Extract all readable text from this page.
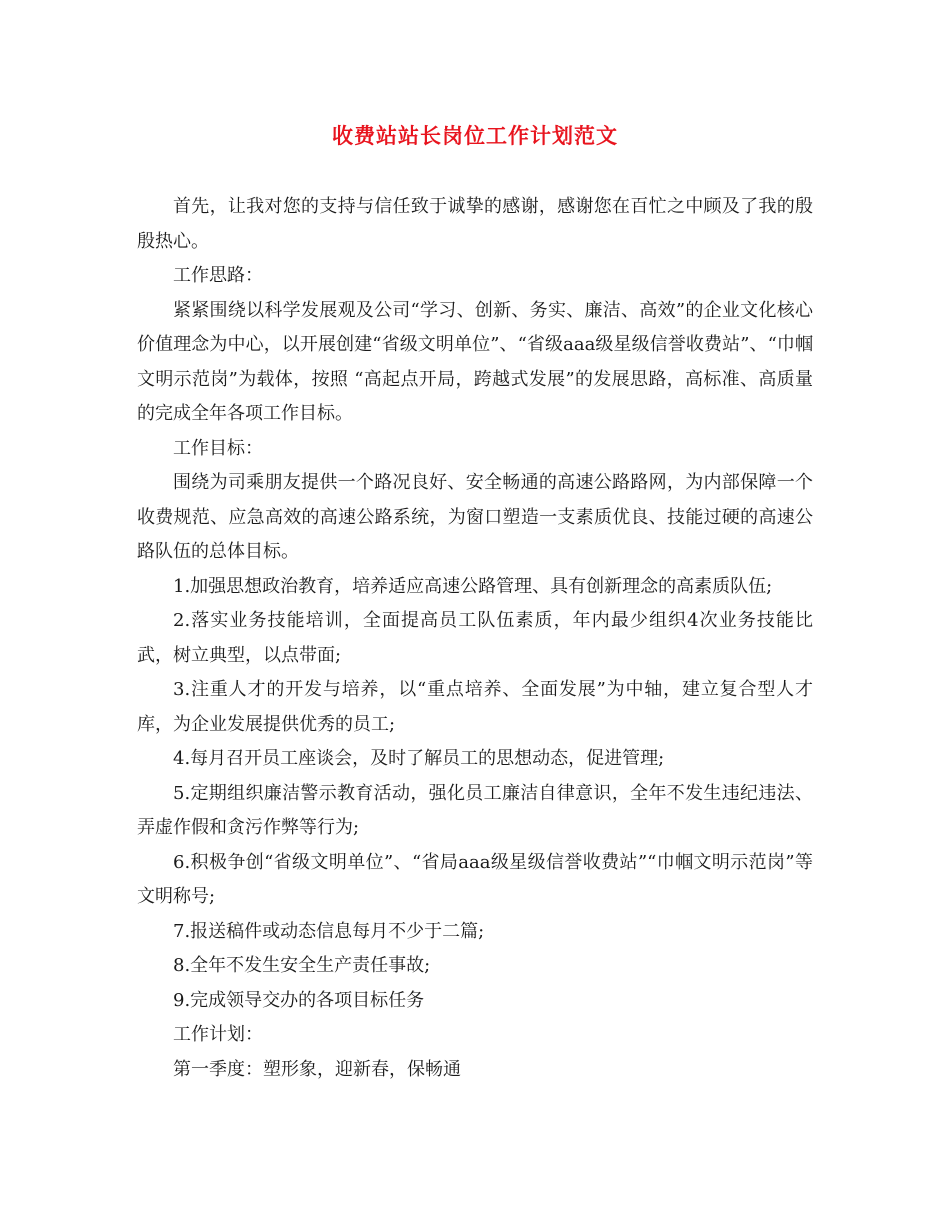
收费站站长岗位工作计划范文

首先，让我对您的支持与信任致于诚挚的感谢，感谢您在百忙之中顾及了我的殷殷热心。

工作思路：

紧紧围绕以科学发展观及公司“学习、创新、务实、廉洁、高效”的企业文化核心价值理念为中心，以开展创建“省级文明单位”、“省级aaa级星级信誉收费站”、“巾帼文明示范岗”为载体，按照 “高起点开局，跨越式发展”的发展思路，高标准、高质量的完成全年各项工作目标。

工作目标：

围绕为司乘朋友提供一个路况良好、安全畅通的高速公路路网，为内部保障一个收费规范、应急高效的高速公路系统，为窗口塑造一支素质优良、技能过硬的高速公路队伍的总体目标。

1.加强思想政治教育，培养适应高速公路管理、具有创新理念的高素质队伍;

2.落实业务技能培训，全面提高员工队伍素质，年内最少组织4次业务技能比武，树立典型，以点带面;

3.注重人才的开发与培养，以“重点培养、全面发展”为中轴，建立复合型人才库，为企业发展提供优秀的员工;

4.每月召开员工座谈会，及时了解员工的思想动态，促进管理;

5.定期组织廉洁警示教育活动，强化员工廉洁自律意识，全年不发生违纪违法、弄虚作假和贪污作弊等行为;

6.积极争创“省级文明单位”、“省局aaa级星级信誉收费站”“巾帼文明示范岗”等文明称号;

7.报送稿件或动态信息每月不少于二篇;

8.全年不发生安全生产责任事故;

9.完成领导交办的各项目标任务

工作计划：

第一季度：塑形象，迎新春，保畅通
